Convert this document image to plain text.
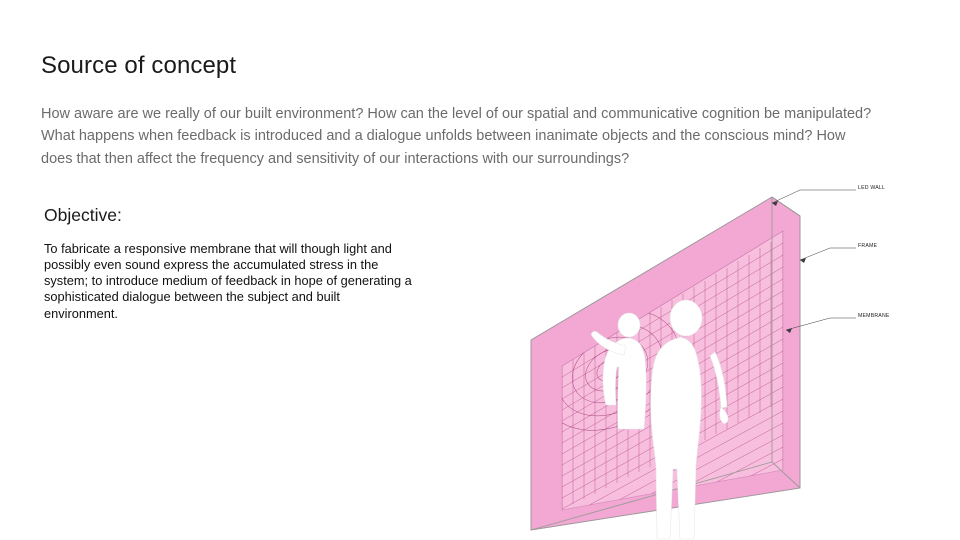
Source of concept

How aware are we really of our built environment? How can the level of our spatial and communicative cognition be manipulated? What happens when feedback is introduced and a dialogue unfolds between inanimate objects and the conscious mind? How does that then affect the frequency and sensitivity of our interactions with our surroundings?

Objective:

To fabricate a responsive membrane that will though light and possibly even sound express the accumulated stress in the system; to introduce medium of feedback in hope of generating a sophisticated dialogue between the subject and built environment.

LED WALL
FRAME
MEMBRANE
